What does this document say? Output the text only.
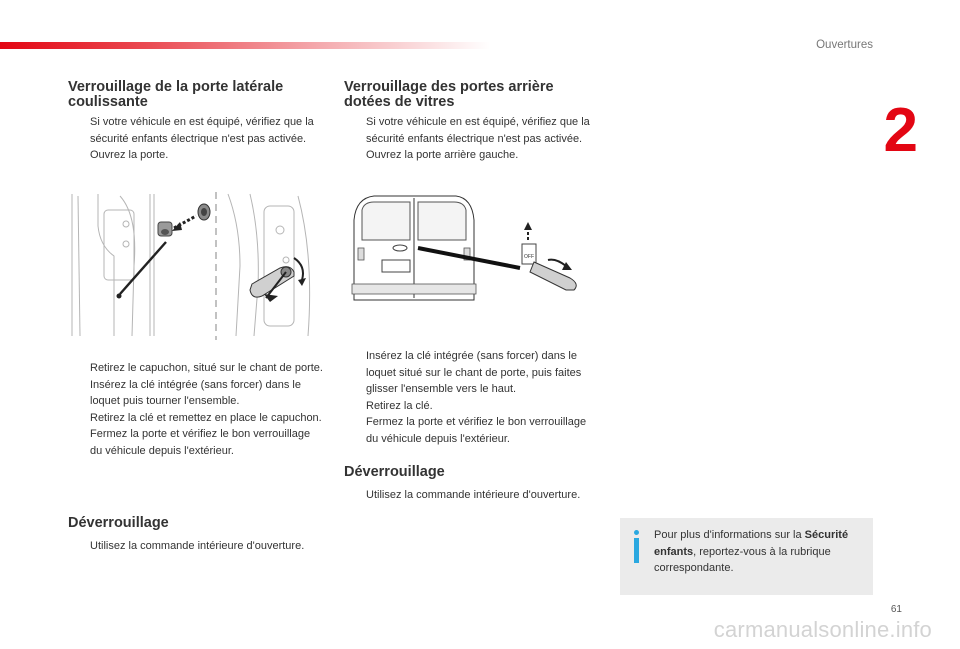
Ouvertures
2
Verrouillage de la porte latérale coulissante
Si votre véhicule en est équipé, vérifiez que la sécurité enfants électrique n'est pas activée.
Ouvrez la porte.
Retirez le capuchon, situé sur le chant de porte.
Insérez la clé intégrée (sans forcer) dans le loquet puis tourner l'ensemble.
Retirez la clé et remettez en place le capuchon.
Fermez la porte et vérifiez le bon verrouillage du véhicule depuis l'extérieur.
Déverrouillage
Utilisez la commande intérieure d'ouverture.
Verrouillage des portes arrière dotées de vitres
Si votre véhicule en est équipé, vérifiez que la sécurité enfants électrique n'est pas activée.
Ouvrez la porte arrière gauche.
OFF
Insérez la clé intégrée (sans forcer) dans le loquet situé sur le chant de porte, puis faites glisser l'ensemble vers le haut.
Retirez la clé.
Fermez la porte et vérifiez le bon verrouillage du véhicule depuis l'extérieur.
Déverrouillage
Utilisez la commande intérieure d'ouverture.
Pour plus d'informations sur la Sécurité enfants, reportez-vous à la rubrique correspondante.
61
carmanualsonline.info
